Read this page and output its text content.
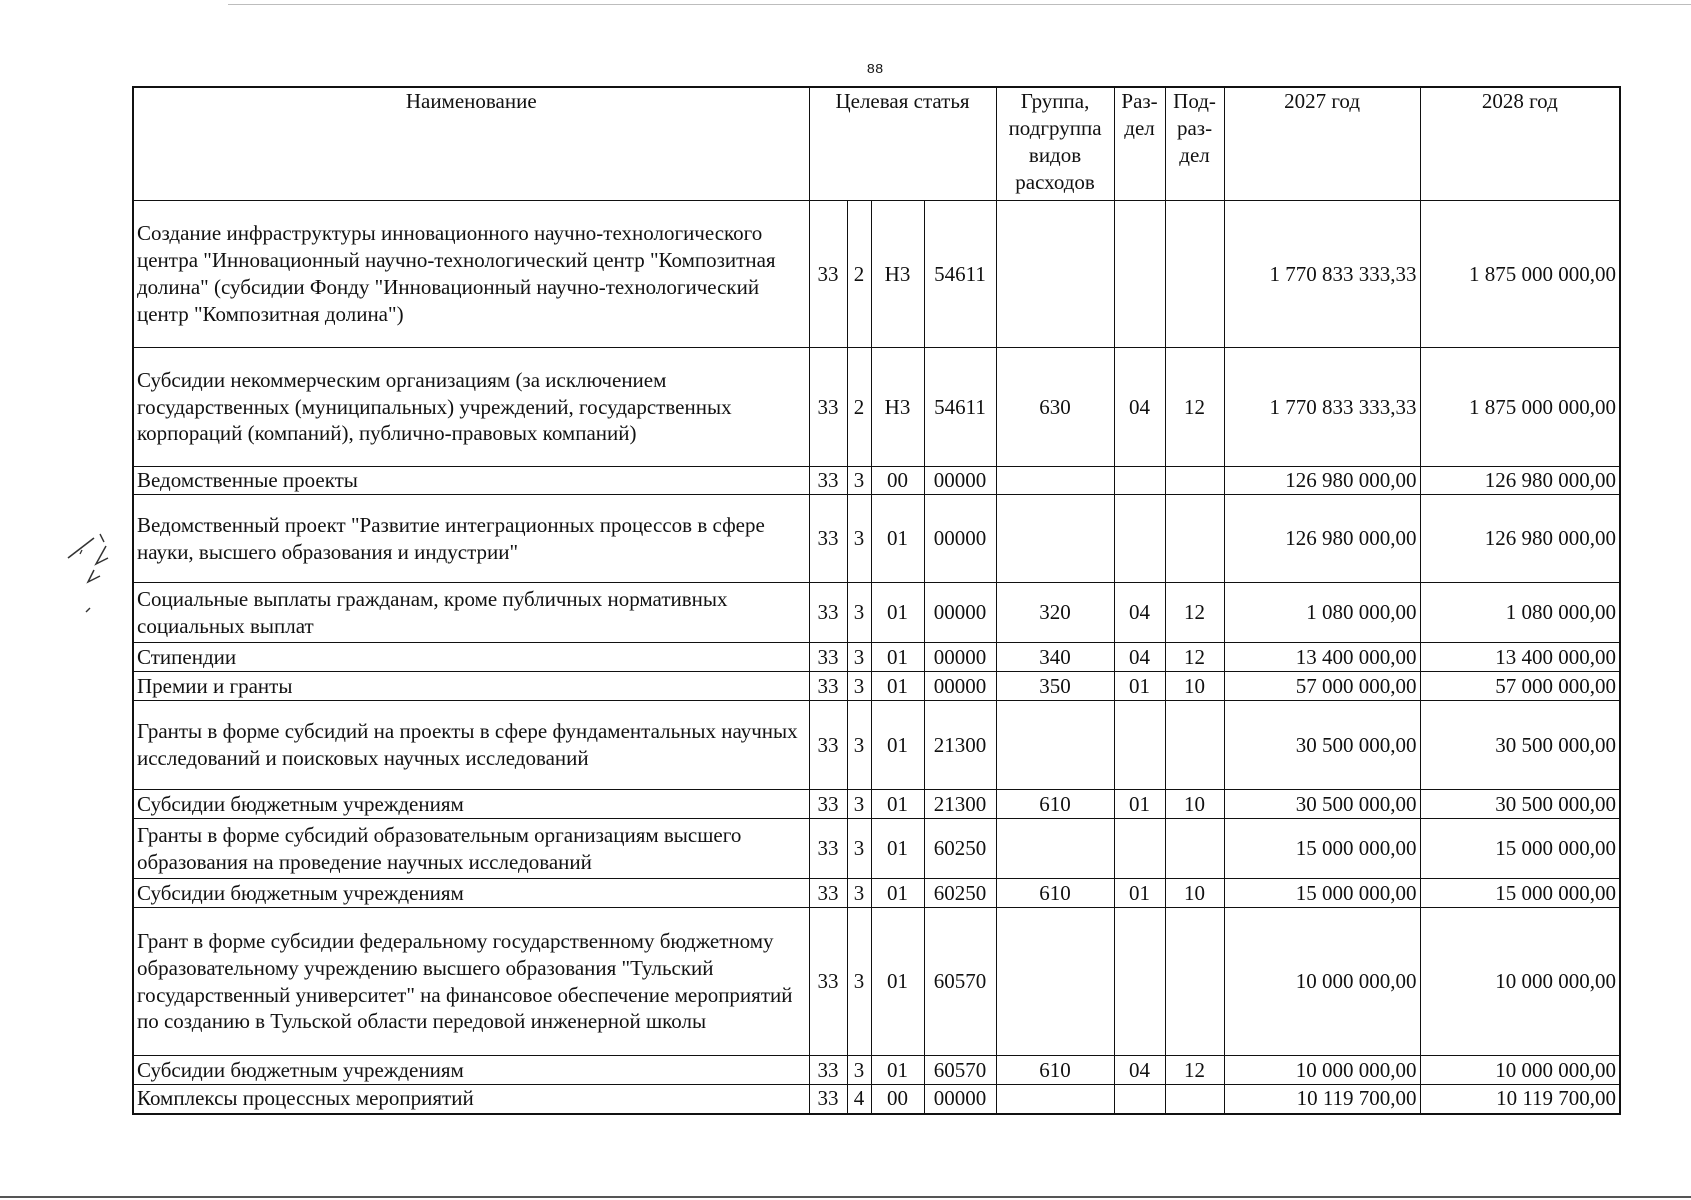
88
Наименование	Целевая статья				Группа, подгруппа видов расходов	Раз-дел	Под-раз-дел	2027 год	2028 год
Создание инфраструктуры инновационного научно-технологического центра "Инновационный научно-технологический центр "Композитная долина" (субсидии Фонду "Инновационный научно-технологический центр "Композитная долина")	33	2	Н3	54611				1 770 833 333,33	1 875 000 000,00
Субсидии некоммерческим организациям (за исключением государственных (муниципальных) учреждений, государственных корпораций (компаний), публично-правовых компаний)	33	2	Н3	54611	630	04	12	1 770 833 333,33	1 875 000 000,00
Ведомственные проекты	33	3	00	00000				126 980 000,00	126 980 000,00
Ведомственный проект "Развитие интеграционных процессов в сфере науки, высшего образования и индустрии"	33	3	01	00000				126 980 000,00	126 980 000,00
Социальные выплаты гражданам, кроме публичных нормативных социальных выплат	33	3	01	00000	320	04	12	1 080 000,00	1 080 000,00
Стипендии	33	3	01	00000	340	04	12	13 400 000,00	13 400 000,00
Премии и гранты	33	3	01	00000	350	01	10	57 000 000,00	57 000 000,00
Гранты в форме субсидий на проекты в сфере фундаментальных научных исследований и поисковых научных исследований	33	3	01	21300				30 500 000,00	30 500 000,00
Субсидии бюджетным учреждениям	33	3	01	21300	610	01	10	30 500 000,00	30 500 000,00
Гранты в форме субсидий образовательным организациям высшего образования на проведение научных исследований	33	3	01	60250				15 000 000,00	15 000 000,00
Субсидии бюджетным учреждениям	33	3	01	60250	610	01	10	15 000 000,00	15 000 000,00
Грант в форме субсидии федеральному государственному бюджетному образовательному учреждению высшего образования "Тульский государственный университет" на финансовое обеспечение мероприятий по созданию в Тульской области передовой инженерной школы	33	3	01	60570				10 000 000,00	10 000 000,00
Субсидии бюджетным учреждениям	33	3	01	60570	610	04	12	10 000 000,00	10 000 000,00
Комплексы процессных мероприятий	33	4	00	00000				10 119 700,00	10 119 700,00
